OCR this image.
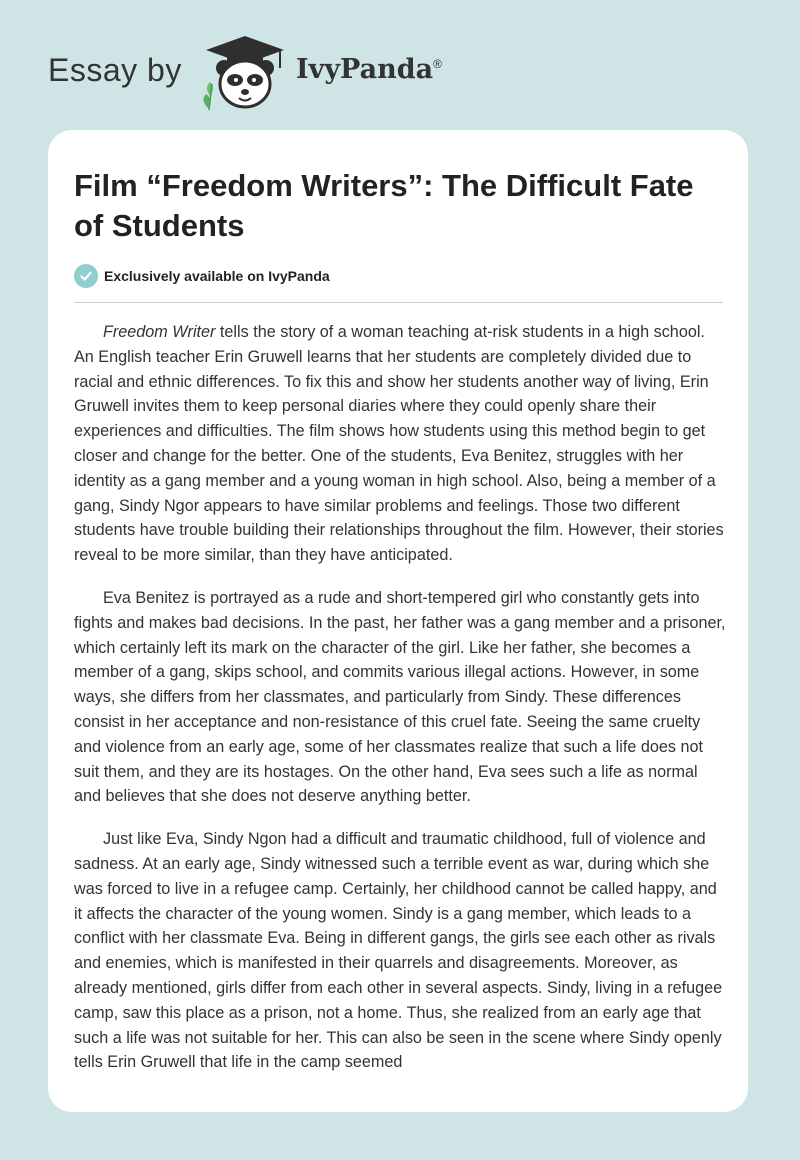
Essay by	IvyPanda®
Film “Freedom Writers”: The Difficult Fate of Students
Exclusively available on IvyPanda

Freedom Writer tells the story of a woman teaching at-risk students in a high school. An English teacher Erin Gruwell learns that her students are completely divided due to racial and ethnic differences. To fix this and show her students another way of living, Erin Gruwell invites them to keep personal diaries where they could openly share their experiences and difficulties. The film shows how students using this method begin to get closer and change for the better. One of the students, Eva Benitez, struggles with her identity as a gang member and a young woman in high school. Also, being a member of a gang, Sindy Ngor appears to have similar problems and feelings. Those two different students have trouble building their relationships throughout the film. However, their stories reveal to be more similar, than they have anticipated.

Eva Benitez is portrayed as a rude and short-tempered girl who constantly gets into fights and makes bad decisions. In the past, her father was a gang member and a prisoner, which certainly left its mark on the character of the girl. Like her father, she becomes a member of a gang, skips school, and commits various illegal actions. However, in some ways, she differs from her classmates, and particularly from Sindy. These differences consist in her acceptance and non-resistance of this cruel fate. Seeing the same cruelty and violence from an early age, some of her classmates realize that such a life does not suit them, and they are its hostages. On the other hand, Eva sees such a life as normal and believes that she does not deserve anything better.

Just like Eva, Sindy Ngon had a difficult and traumatic childhood, full of violence and sadness. At an early age, Sindy witnessed such a terrible event as war, during which she was forced to live in a refugee camp. Certainly, her childhood cannot be called happy, and it affects the character of the young women. Sindy is a gang member, which leads to a conflict with her classmate Eva. Being in different gangs, the girls see each other as rivals and enemies, which is manifested in their quarrels and disagreements. Moreover, as already mentioned, girls differ from each other in several aspects. Sindy, living in a refugee camp, saw this place as a prison, not a home. Thus, she realized from an early age that such a life was not suitable for her. This can also be seen in the scene where Sindy openly tells Erin Gruwell that life in the camp seemed
